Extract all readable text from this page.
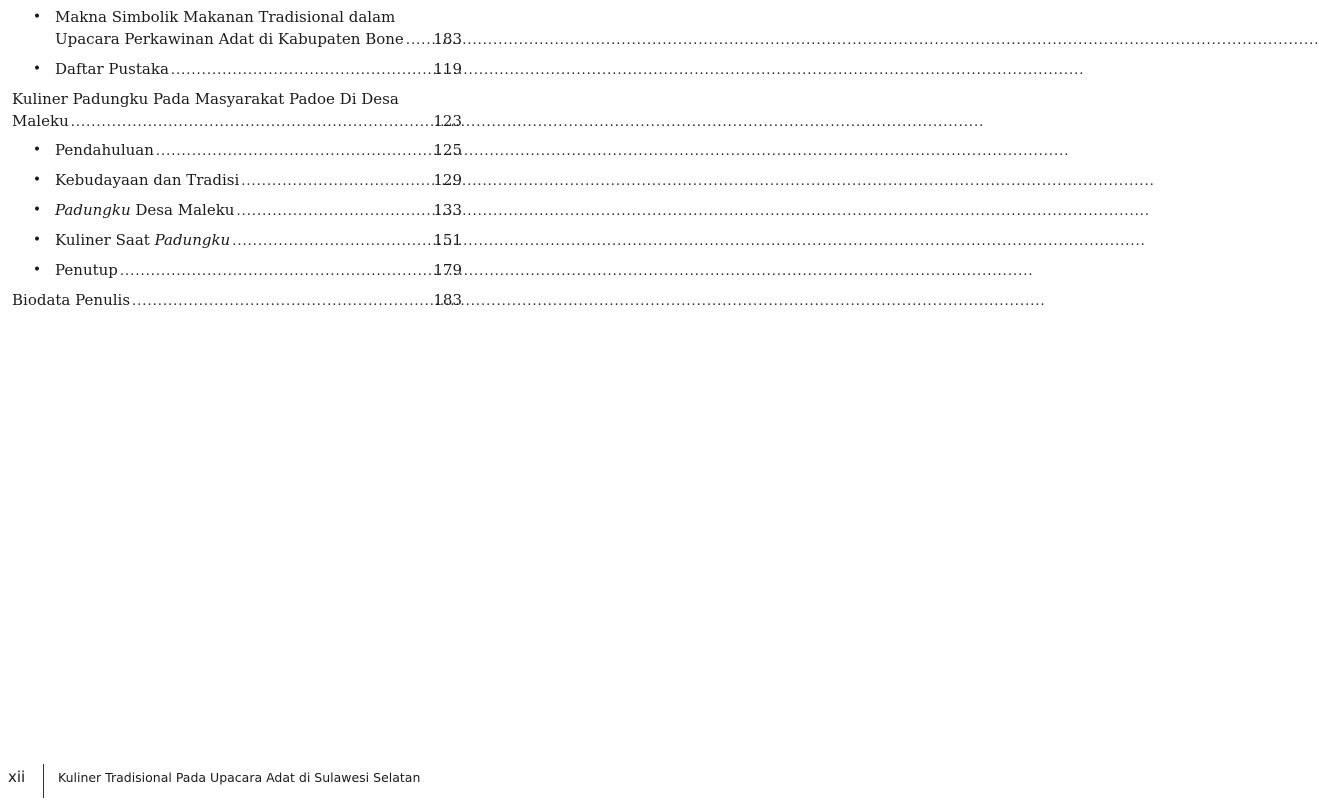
• Makna Simbolik Makanan Tradisional dalam
Upacara Perkawinan Adat di Kabupaten Bone ..... 183
• Daftar Pustaka .....	119
Kuliner Padungku Pada Masyarakat Padoe Di Desa
Maleku .....	123
• Pendahuluan .....	125
• Kebudayaan dan Tradisi .....	129
• Padungku Desa Maleku .....	133
• Kuliner Saat Padungku .....	151
• Penutup .....	179
Biodata Penulis .....	183
xii	Kuliner Tradisional Pada Upacara Adat di Sulawesi Selatan
